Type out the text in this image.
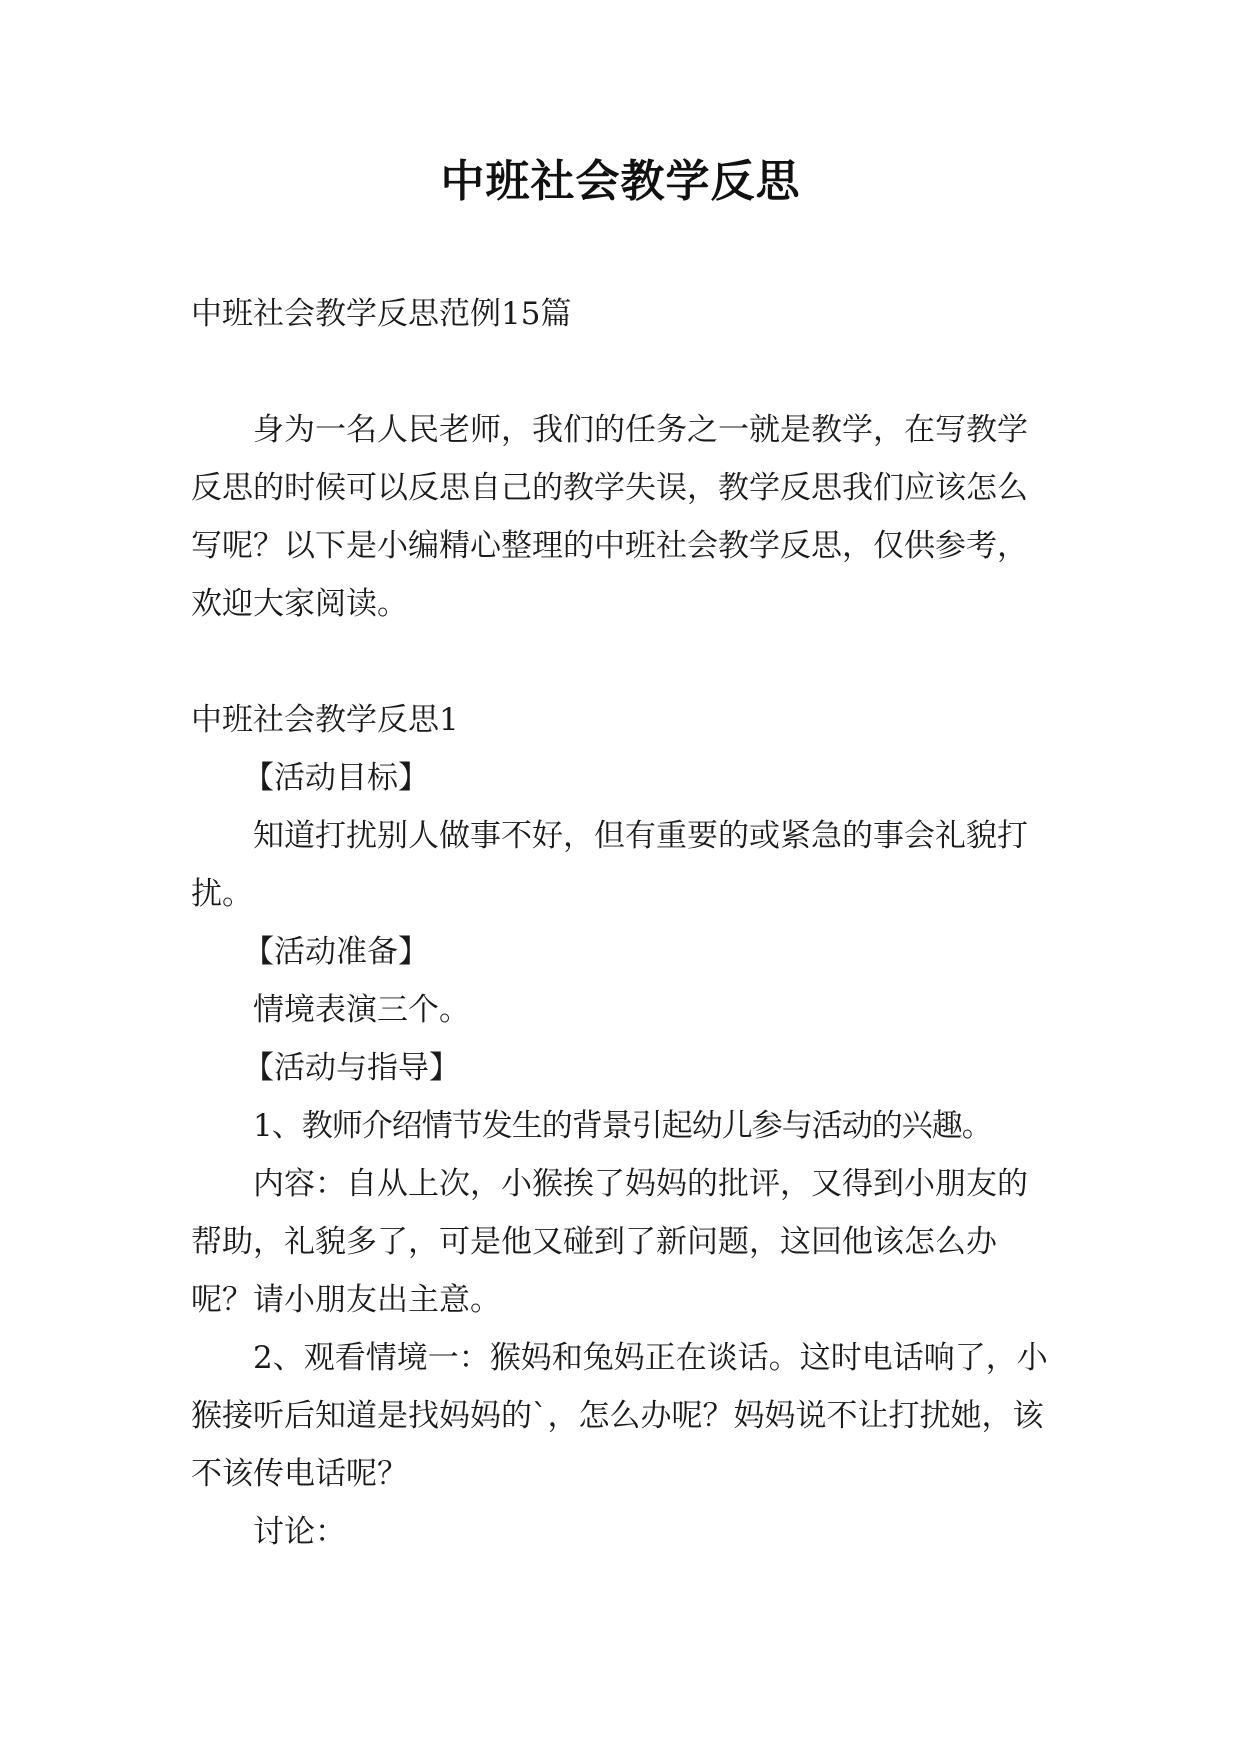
中班社会教学反思

中班社会教学反思范例15篇

身为一名人民老师，我们的任务之一就是教学，在写教学反思的时候可以反思自己的教学失误，教学反思我们应该怎么写呢？以下是小编精心整理的中班社会教学反思，仅供参考，欢迎大家阅读。

中班社会教学反思1

【活动目标】

知道打扰别人做事不好，但有重要的或紧急的事会礼貌打扰。

【活动准备】

情境表演三个。

【活动与指导】

1、教师介绍情节发生的背景引起幼儿参与活动的兴趣。

内容：自从上次，小猴挨了妈妈的批评，又得到小朋友的帮助，礼貌多了，可是他又碰到了新问题，这回他该怎么办呢？请小朋友出主意。

2、观看情境一：猴妈和兔妈正在谈话。这时电话响了，小猴接听后知道是找妈妈的`，怎么办呢？妈妈说不让打扰她，该不该传电话呢？

讨论：
